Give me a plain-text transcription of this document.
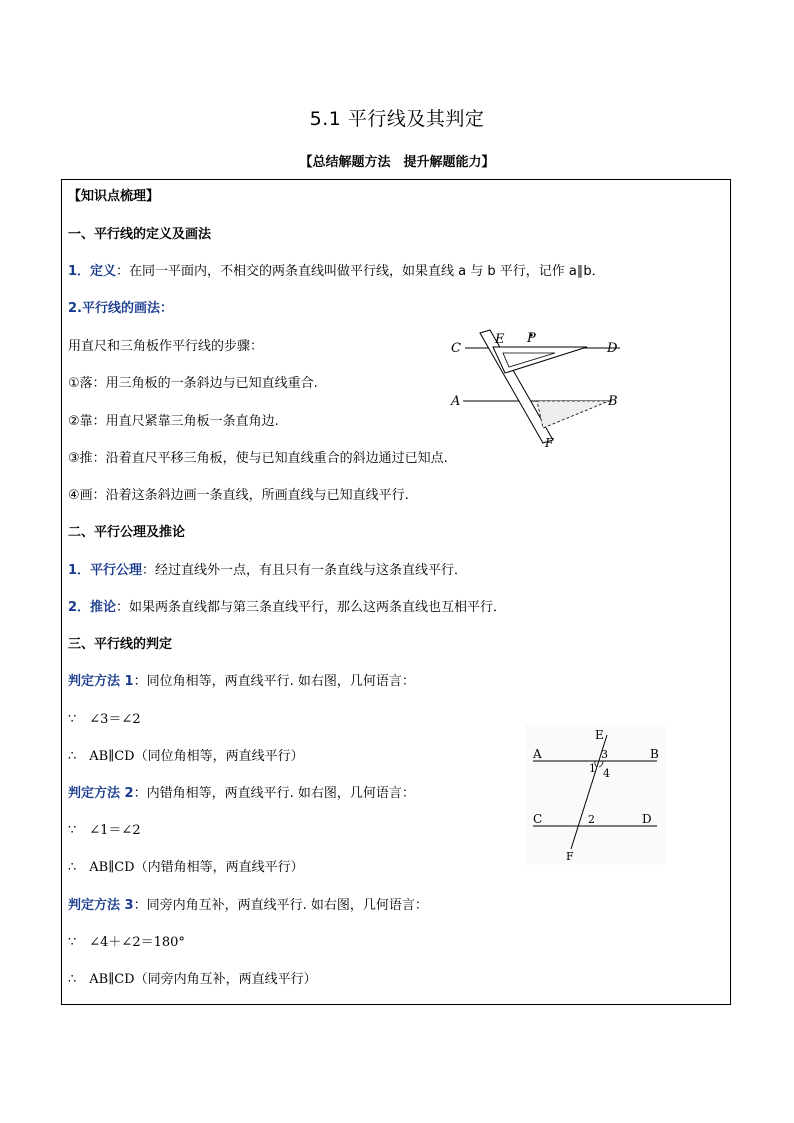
5.1 平行线及其判定
【总结解题方法　提升解题能力】
【知识点梳理】
一、平行线的定义及画法
1．定义：在同一平面内，不相交的两条直线叫做平行线，如果直线 a 与 b 平行，记作 a∥b．
2.平行线的画法：
用直尺和三角板作平行线的步骤：
①落：用三角板的一条斜边与已知直线重合.
②靠：用直尺紧靠三角板一条直角边.
③推：沿着直尺平移三角板，使与已知直线重合的斜边通过已知点.
④画：沿着这条斜边画一条直线，所画直线与已知直线平行.
二、平行公理及推论
1．平行公理：经过直线外一点，有且只有一条直线与这条直线平行．
2．推论：如果两条直线都与第三条直线平行，那么这两条直线也互相平行．
三、平行线的判定
判定方法 1：同位角相等，两直线平行. 如右图，几何语言：
∵　∠3＝∠2
∴　AB∥CD（同位角相等，两直线平行）
判定方法 2：内错角相等，两直线平行. 如右图，几何语言：
∵　∠1＝∠2
∴　AB∥CD（内错角相等，两直线平行）
判定方法 3：同旁内角互补，两直线平行. 如右图，几何语言：
∵　∠4＋∠2＝180°
∴　AB∥CD（同旁内角互补，两直线平行）
C
E P
D
A	B
F
E
A	3	B
1 4
C	2	D
F
